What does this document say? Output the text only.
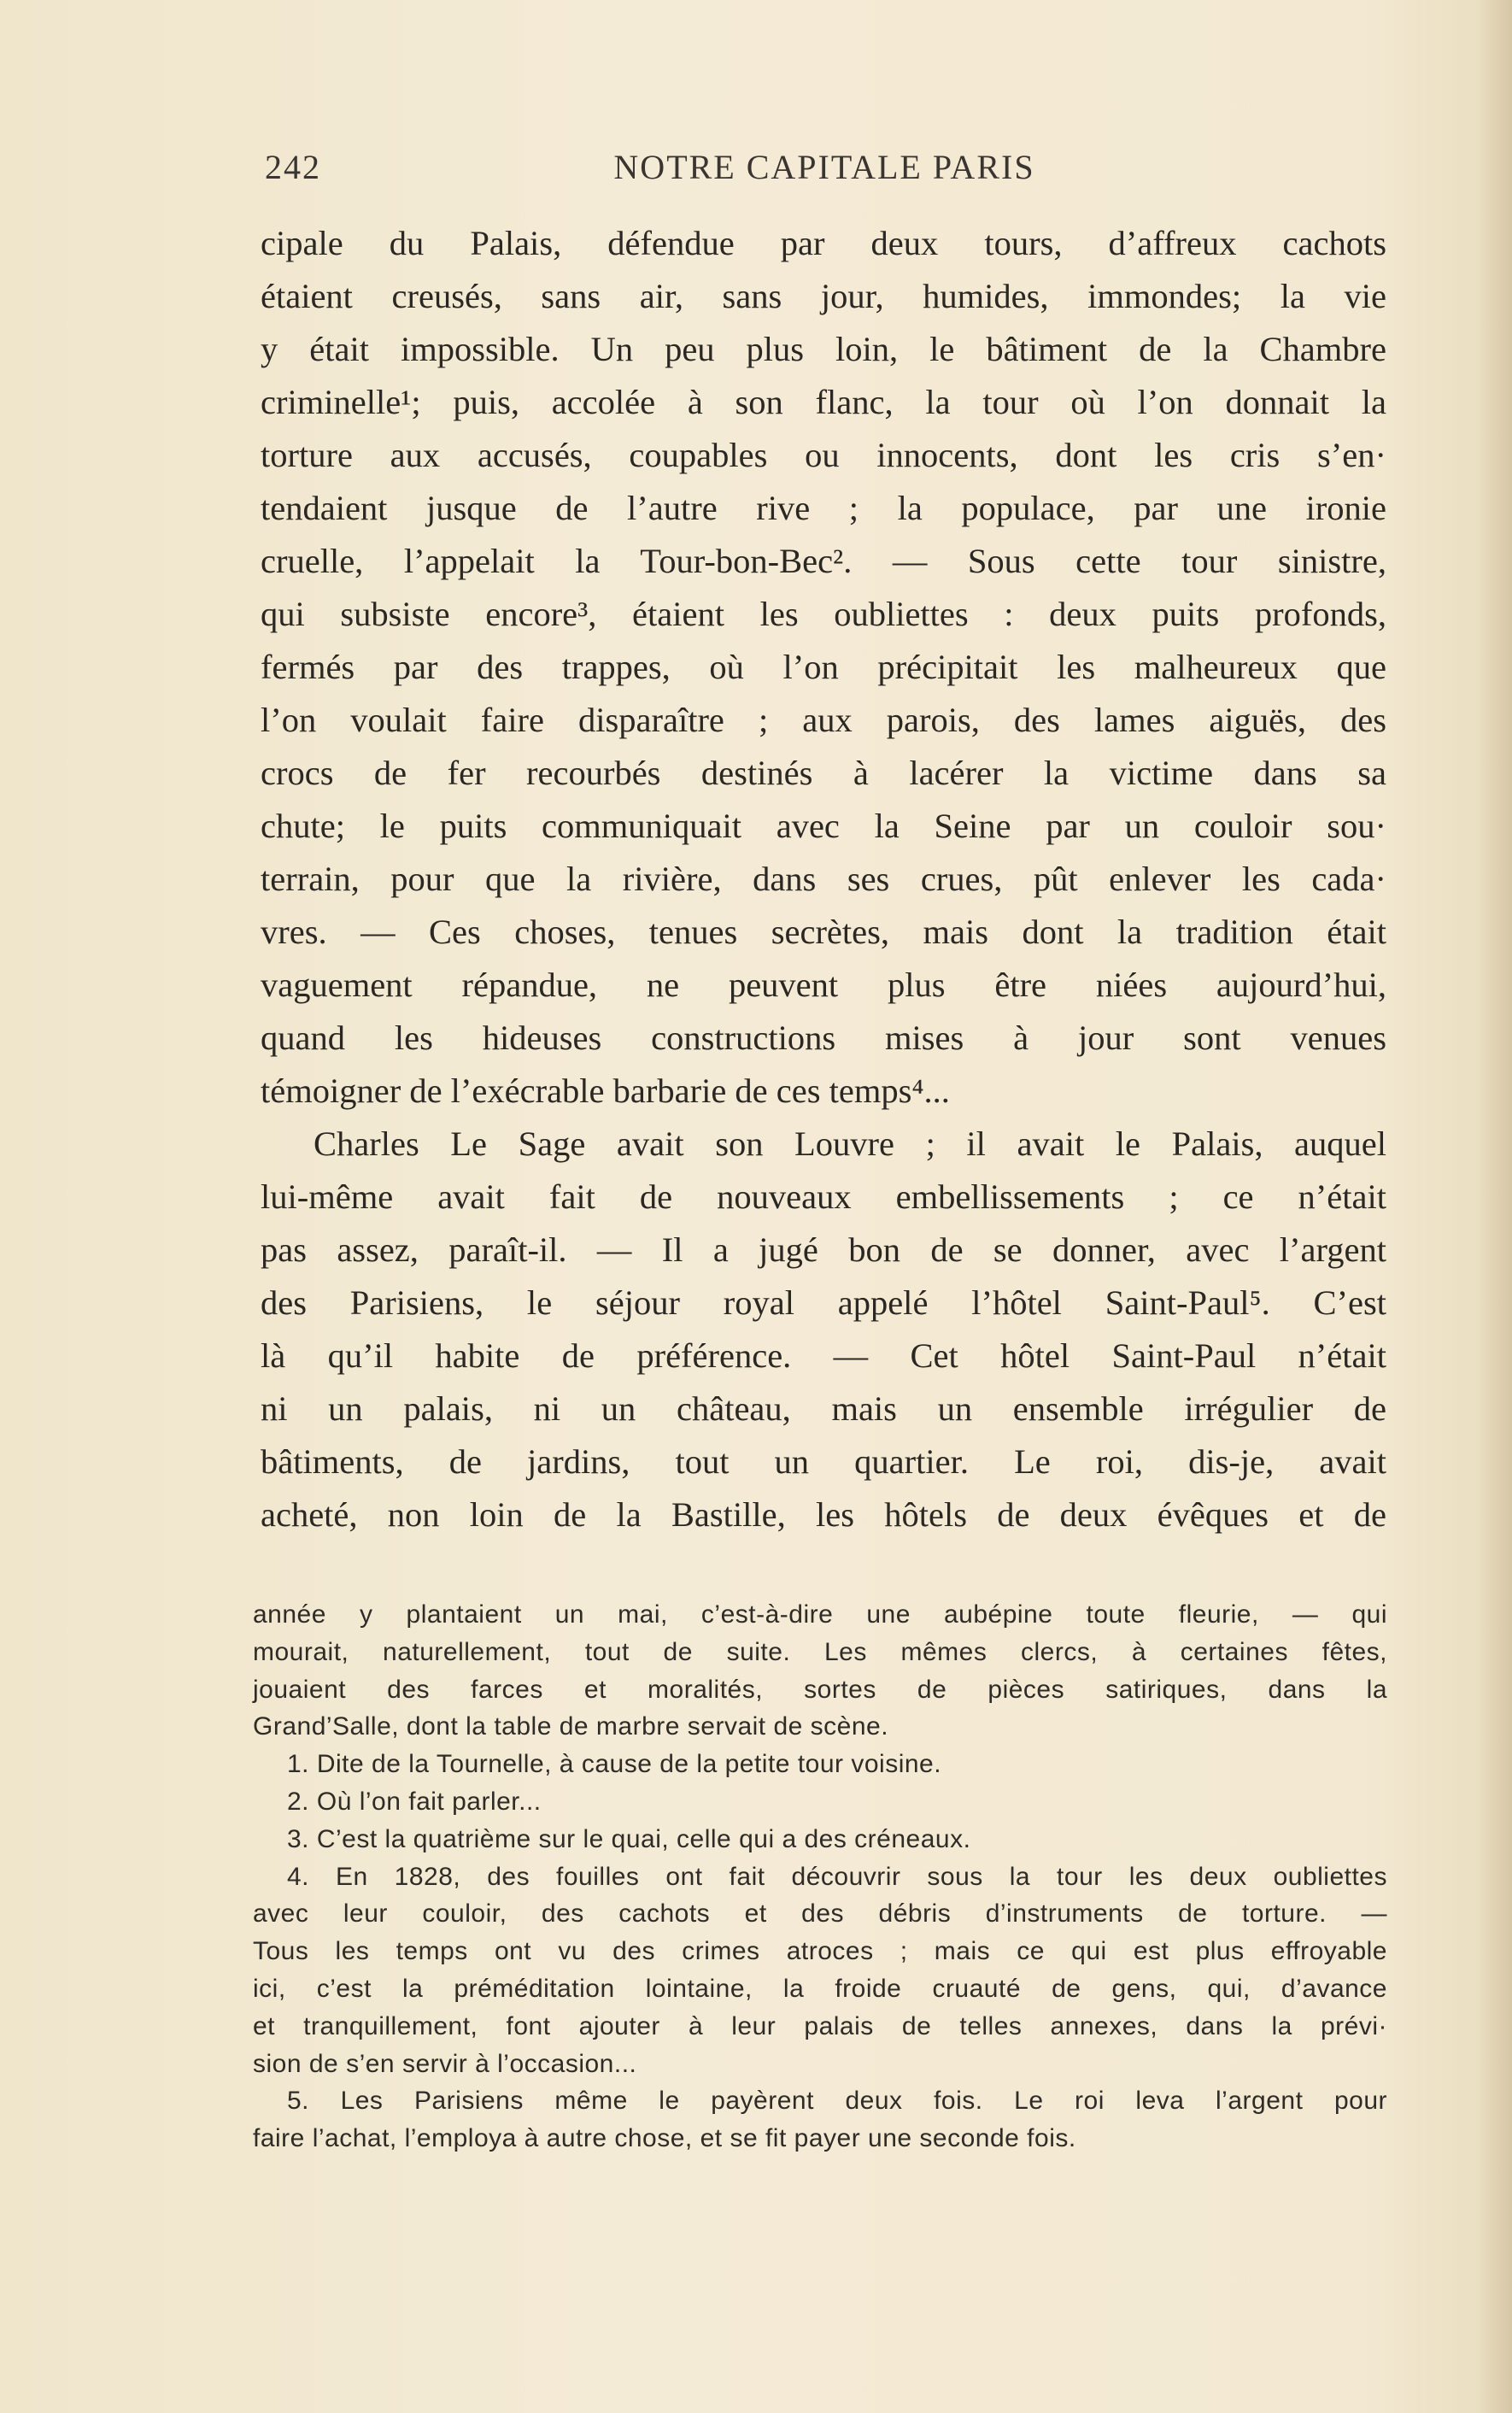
242	NOTRE CAPITALE PARIS
cipale du Palais, défendue par deux tours, d’affreux cachots
étaient creusés, sans air, sans jour, humides, immondes; la vie
y était impossible. Un peu plus loin, le bâtiment de la Chambre
criminelle¹; puis, accolée à son flanc, la tour où l’on donnait la
torture aux accusés, coupables ou innocents, dont les cris s’en·
tendaient jusque de l’autre rive ; la populace, par une ironie
cruelle, l’appelait la Tour-bon-Bec². — Sous cette tour sinistre,
qui subsiste encore³, étaient les oubliettes : deux puits profonds,
fermés par des trappes, où l’on précipitait les malheureux que
l’on voulait faire disparaître ; aux parois, des lames aiguës, des
crocs de fer recourbés destinés à lacérer la victime dans sa
chute; le puits communiquait avec la Seine par un couloir sou·
terrain, pour que la rivière, dans ses crues, pût enlever les cada·
vres. — Ces choses, tenues secrètes, mais dont la tradition était
vaguement répandue, ne peuvent plus être niées aujourd’hui,
quand les hideuses constructions mises à jour sont venues
témoigner de l’exécrable barbarie de ces temps⁴...
Charles Le Sage avait son Louvre ; il avait le Palais, auquel
lui-même avait fait de nouveaux embellissements ; ce n’était
pas assez, paraît-il. — Il a jugé bon de se donner, avec l’argent
des Parisiens, le séjour royal appelé l’hôtel Saint-Paul⁵. C’est
là qu’il habite de préférence. — Cet hôtel Saint-Paul n’était
ni un palais, ni un château, mais un ensemble irrégulier de
bâtiments, de jardins, tout un quartier. Le roi, dis-je, avait
acheté, non loin de la Bastille, les hôtels de deux évêques et de
année y plantaient un mai, c’est-à-dire une aubépine toute fleurie, — qui
mourait, naturellement, tout de suite. Les mêmes clercs, à certaines fêtes,
jouaient des farces et moralités, sortes de pièces satiriques, dans la
Grand’Salle, dont la table de marbre servait de scène.
1. Dite de la Tournelle, à cause de la petite tour voisine.
2. Où l’on fait parler...
3. C’est la quatrième sur le quai, celle qui a des créneaux.
4. En 1828, des fouilles ont fait découvrir sous la tour les deux oubliettes
avec leur couloir, des cachots et des débris d’instruments de torture. —
Tous les temps ont vu des crimes atroces ; mais ce qui est plus effroyable
ici, c’est la préméditation lointaine, la froide cruauté de gens, qui, d’avance
et tranquillement, font ajouter à leur palais de telles annexes, dans la prévi·
sion de s’en servir à l’occasion...
5. Les Parisiens même le payèrent deux fois. Le roi leva l’argent pour
faire l’achat, l’employa à autre chose, et se fit payer une seconde fois.
